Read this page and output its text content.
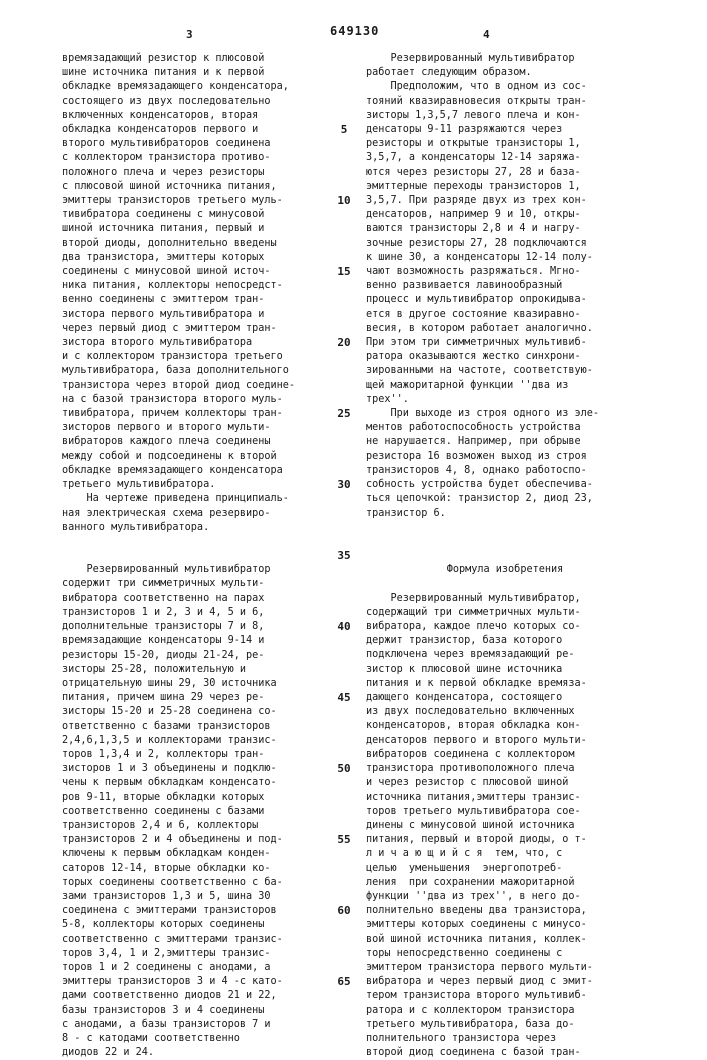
3	649130	4
времязадающий резистор к плюсовой
шине источника питания и к первой
обкладке времязадающего конденсатора,
состоящего из двух последовательно
включенных конденсаторов, вторая
обкладка конденсаторов первого и
второго мультивибраторов соединена
с коллектором транзистора противо-
положного плеча и через резисторы
с плюсовой шиной источника питания,
эмиттеры транзисторов третьего муль-
тивибратора соединены с минусовой
шиной источника питания, первый и
второй диоды, дополнительно введены
два транзистора, эмиттеры которых
соединены с минусовой шиной источ-
ника питания, коллекторы непосредст-
венно соединены с эмиттером тран-
зистора первого мультивибратора и
через первый диод с эмиттером тран-
зистора второго мультивибратора
и с коллектором транзистора третьего
мультивибратора, база дополнительного
транзистора через второй диод соедине-
на с базой транзистора второго муль-
тивибратора, причем коллекторы тран-
зисторов первого и второго мульти-
вибраторов каждого плеча соединены
между собой и подсоединены к второй
обкладке времязадающего конденсатора
третьего мультивибратора.
На чертеже приведена принципиаль-
ная электрическая схема резервиро-
ванного мультивибратора.
Резервированный мультивибратор
содержит три симметричных мульти-
вибратора соответственно на парах
транзисторов 1 и 2, 3 и 4, 5 и 6,
дополнительные транзисторы 7 и 8,
времязадающие конденсаторы 9-14 и
резисторы 15-20, диоды 21-24, ре-
зисторы 25-28, положительную и
отрицательную шины 29, 30 источника
питания, причем шина 29 через ре-
зисторы 15-20 и 25-28 соединена со-
ответственно с базами транзисторов
2,4,6,1,3,5 и коллекторами транзис-
торов 1,3,4 и 2, коллекторы тран-
зисторов 1 и 3 объединены и подклю-
чены к первым обкладкам конденсато-
ров 9-11, вторые обкладки которых
соответственно соединены с базами
транзисторов 2,4 и 6, коллекторы
транзисторов 2 и 4 объединены и под-
ключены к первым обкладкам конден-
саторов 12-14, вторые обкладки ко-
торых соединены соответственно с ба-
зами транзисторов 1,3 и 5, шина 30
соединена с эмиттерами транзисторов
5-8, коллекторы которых соединены
соответственно с эмиттерами транзис-
торов 3,4, 1 и 2,эмиттеры транзис-
торов 1 и 2 соединены с анодами, а
эмиттеры транзисторов 3 и 4 -с като-
дами соответственно диодов 21 и 22,
базы транзисторов 3 и 4 соединены
с анодами, а базы транзисторов 7 и
8 - с катодами соответственно
диодов 22 и 24.
5
10
15
20
25
30
35
40
45
50
55
60
65
Резервированный мультивибратор
работает следующим образом.
Предположим, что в одном из сос-
тояний квазиравновесия открыты тран-
зисторы 1,3,5,7 левого плеча и кон-
денсаторы 9-11 разряжаются через
резисторы и открытые транзисторы 1,
3,5,7, а конденсаторы 12-14 заряжа-
ются через резисторы 27, 28 и база-
эмиттерные переходы транзисторов 1,
3,5,7. При разряде двух из трех кон-
денсаторов, например 9 и 10, откры-
ваются транзисторы 2,8 и 4 и нагру-
зочные резисторы 27, 28 подключаются
к шине 30, а конденсаторы 12-14 полу-
чают возможность разряжаться. Мгно-
венно развивается лавинообразный
процесс и мультивибратор опрокидыва-
ется в другое состояние квазиравно-
весия, в котором работает аналогично.
При этом три симметричных мультивиб-
ратора оказываются жестко синхрони-
зированными на частоте, соответствую-
щей мажоритарной функции ''два из
трех''.
При выходе из строя одного из эле-
ментов работоспособность устройства
не нарушается. Например, при обрыве
резистора 16 возможен выход из строя
транзисторов 4, 8, однако работоспо-
собность устройства будет обеспечива-
ться цепочкой: транзистор 2, диод 23,
транзистор 6.
Формула изобретения
Резервированный мультивибратор,
содержащий три симметричных мульти-
вибратора, каждое плечо которых со-
держит транзистор, база которого
подключена через времязадающий ре-
зистор к плюсовой шине источника
питания и к первой обкладке времяза-
дающего конденсатора, состоящего
из двух последовательно включенных
конденсаторов, вторая обкладка кон-
денсаторов первого и второго мульти-
вибраторов соединена с коллектором
транзистора противоположного плеча
и через резистор с плюсовой шиной
источника питания,эмиттеры транзис-
торов третьего мультивибратора сое-
динены с минусовой шиной источника
питания, первый и второй диоды, о т-
л и ч а ю щ и й с я  тем, что, с
целью  уменьшения  энергопотреб-
ления  при сохранении мажоритарной
функции ''два из трех'', в него до-
полнительно введены два транзистора,
эмиттеры которых соединены с минусо-
вой шиной источника питания, коллек-
торы непосредственно соединены с
эмиттером транзистора первого мульти-
вибратора и через первый диод с эмит-
тером транзистора второго мультивиб-
ратора и с коллектором транзистора
третьего мультивибратора, база до-
полнительного транзистора через
второй диод соединена с базой тран-
